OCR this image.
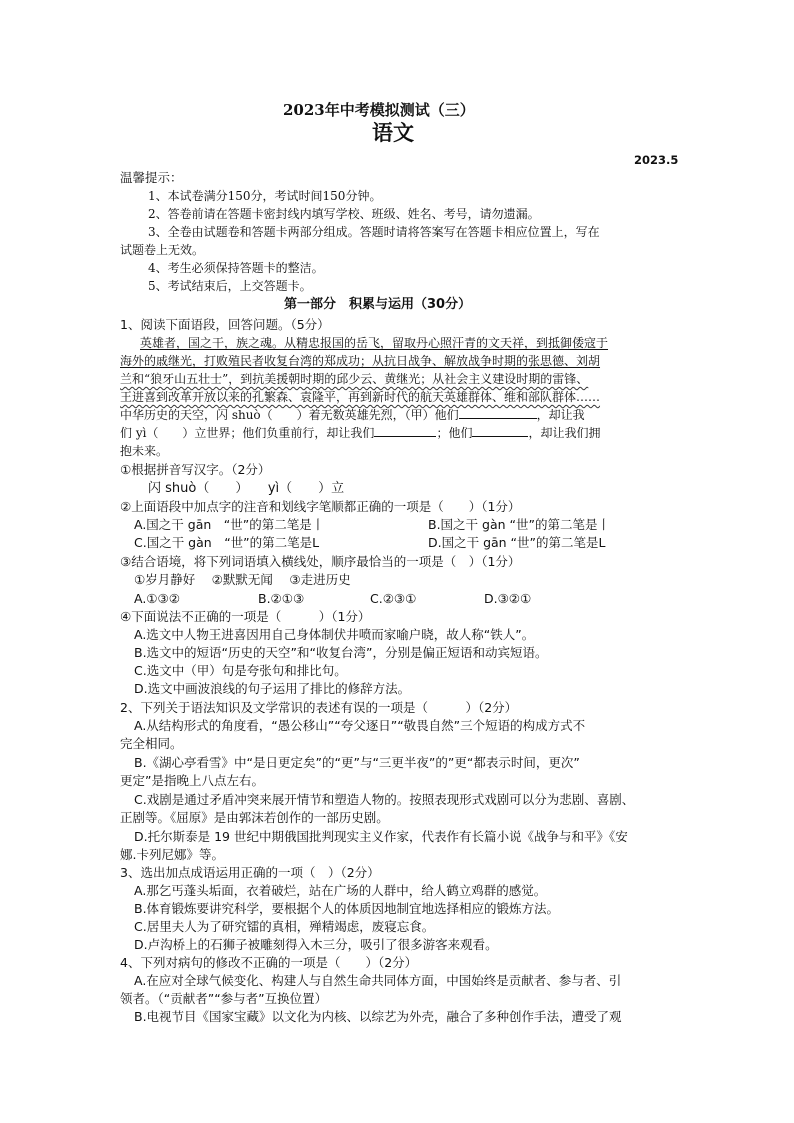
2023年中考模拟测试（三）
语文
2023.5
温馨提示：
1、本试卷满分150分，考试时间150分钟。
2、答卷前请在答题卡密封线内填写学校、班级、姓名、考号，请勿遗漏。
3、全卷由试题卷和答题卡两部分组成。答题时请将答案写在答题卡相应位置上，写在
试题卷上无效。
4、考生必须保持答题卡的整洁。
5、考试结束后，上交答题卡。
第一部分　积累与运用（30分）
1、阅读下面语段，回答问题。（5分）
英雄者，国之干，族之魂。从精忠报国的岳飞，留取丹心照汗青的文天祥，到抵御倭寇于
海外的戚继光，打败殖民者收复台湾的郑成功；从抗日战争、解放战争时期的张思德、刘胡
兰和“狼牙山五壮士”，到抗美援朝时期的邱少云、黄继光；从社会主义建设时期的雷锋、
王进喜到改革开放以来的孔繁森、袁隆平，再到新时代的航天英雄群体、维和部队群体……
中华历史的天空，闪 shuò（　　）着无数英雄先烈，（甲）他们	，却让我
们 yì（　　）立世界；他们负重前行，却让我们	；他们	，却让我们拥
抱未来。
①根据拼音写汉字。（2分）
闪 shuò（　　）　　yì（　　）立
②上面语段中加点字的注音和划线字笔顺都正确的一项是（　　）（1分）
A.国之干 gān　“世”的第二笔是丨	B.国之干 gàn “世”的第二笔是丨
C.国之干 gàn　“世”的第二笔是L	D.国之干 gān “世”的第二笔是L
③结合语境，将下列词语填入横线处，顺序最恰当的一项是（　）（1分）
①岁月静好　 ②默默无闻　 ③走进历史
A.①③②	B.②①③	C.②③①	D.③②①
④下面说法不正确的一项是（　　　）（1分）
A.选文中人物王进喜因用自己身体制伏井喷而家喻户晓，故人称“铁人”。
B.选文中的短语“历史的天空”和“收复台湾”，分别是偏正短语和动宾短语。
C.选文中（甲）句是夸张句和排比句。
D.选文中画波浪线的句子运用了排比的修辞方法。
2、下列关于语法知识及文学常识的表述有误的一项是（　　　）（2分）
A.从结构形式的角度看，“愚公移山”“夸父逐日”“敬畏自然”三个短语的构成方式不
完全相同。
B.《湖心亭看雪》中“是日更定矣”的“更”与“三更半夜”的”更“都表示时间，更次”
更定”是指晚上八点左右。
C.戏剧是通过矛盾冲突来展开情节和塑造人物的。按照表现形式戏剧可以分为悲剧、喜剧、
正剧等。《屈原》是由郭沫若创作的一部历史剧。
D.托尔斯泰是 19 世纪中期俄国批判现实主义作家，代表作有长篇小说《战争与和平》《安
娜.卡列尼娜》等。
3、选出加点成语运用正确的一项（　）（2分）
A.那乞丐蓬头垢面，衣着破烂，站在广场的人群中，给人鹤立鸡群的感觉。
B.体育锻炼要讲究科学，要根据个人的体质因地制宜地选择相应的锻炼方法。
C.居里夫人为了研究镭的真相，殚精竭虑，废寝忘食。
D.卢沟桥上的石狮子被雕刻得入木三分，吸引了很多游客来观看。
4、下列对病句的修改不正确的一项是（　　）（2分）
A.在应对全球气候变化、构建人与自然生命共同体方面，中国始终是贡献者、参与者、引
领者。（“贡献者”“参与者”互换位置）
B.电视节目《国家宝藏》以文化为内核、以综艺为外壳，融合了多种创作手法，遭受了观
